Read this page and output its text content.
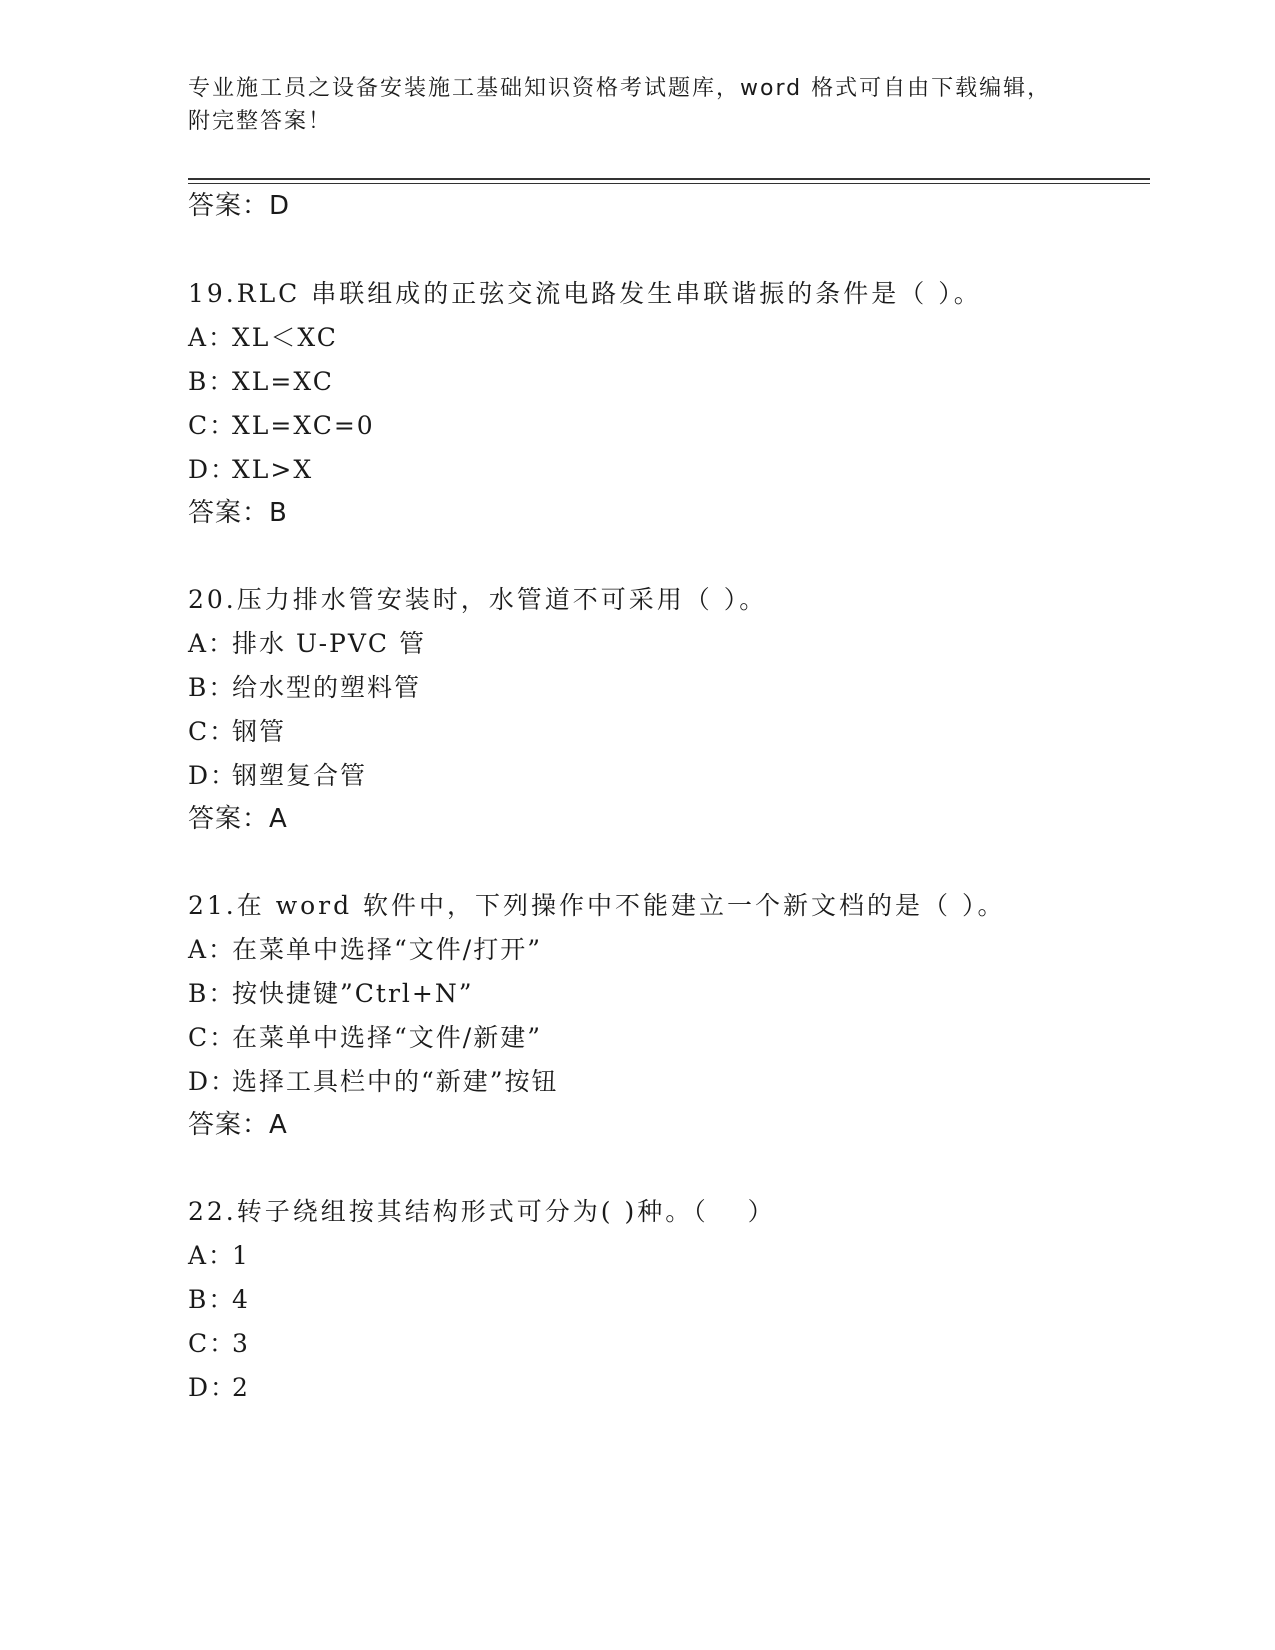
专业施工员之设备安装施工基础知识资格考试题库，word 格式可自由下载编辑，
附完整答案！
答案：D
19.RLC 串联组成的正弦交流电路发生串联谐振的条件是（ ）。
A：XL＜XC
B：XL=XC
C：XL=XC=0
D：XL>X
答案：B
20.压力排水管安装时，水管道不可采用（ ）。
A：排水 U-PVC 管
B：给水型的塑料管
C：钢管
D：钢塑复合管
答案：A
21.在 word 软件中，下列操作中不能建立一个新文档的是（ ）。
A：在菜单中选择“文件/打开”
B：按快捷键”Ctrl+N”
C：在菜单中选择“文件/新建”
D：选择工具栏中的“新建”按钮
答案：A
22.转子绕组按其结构形式可分为( )种。（　 ）
A：1
B：4
C：3
D：2
